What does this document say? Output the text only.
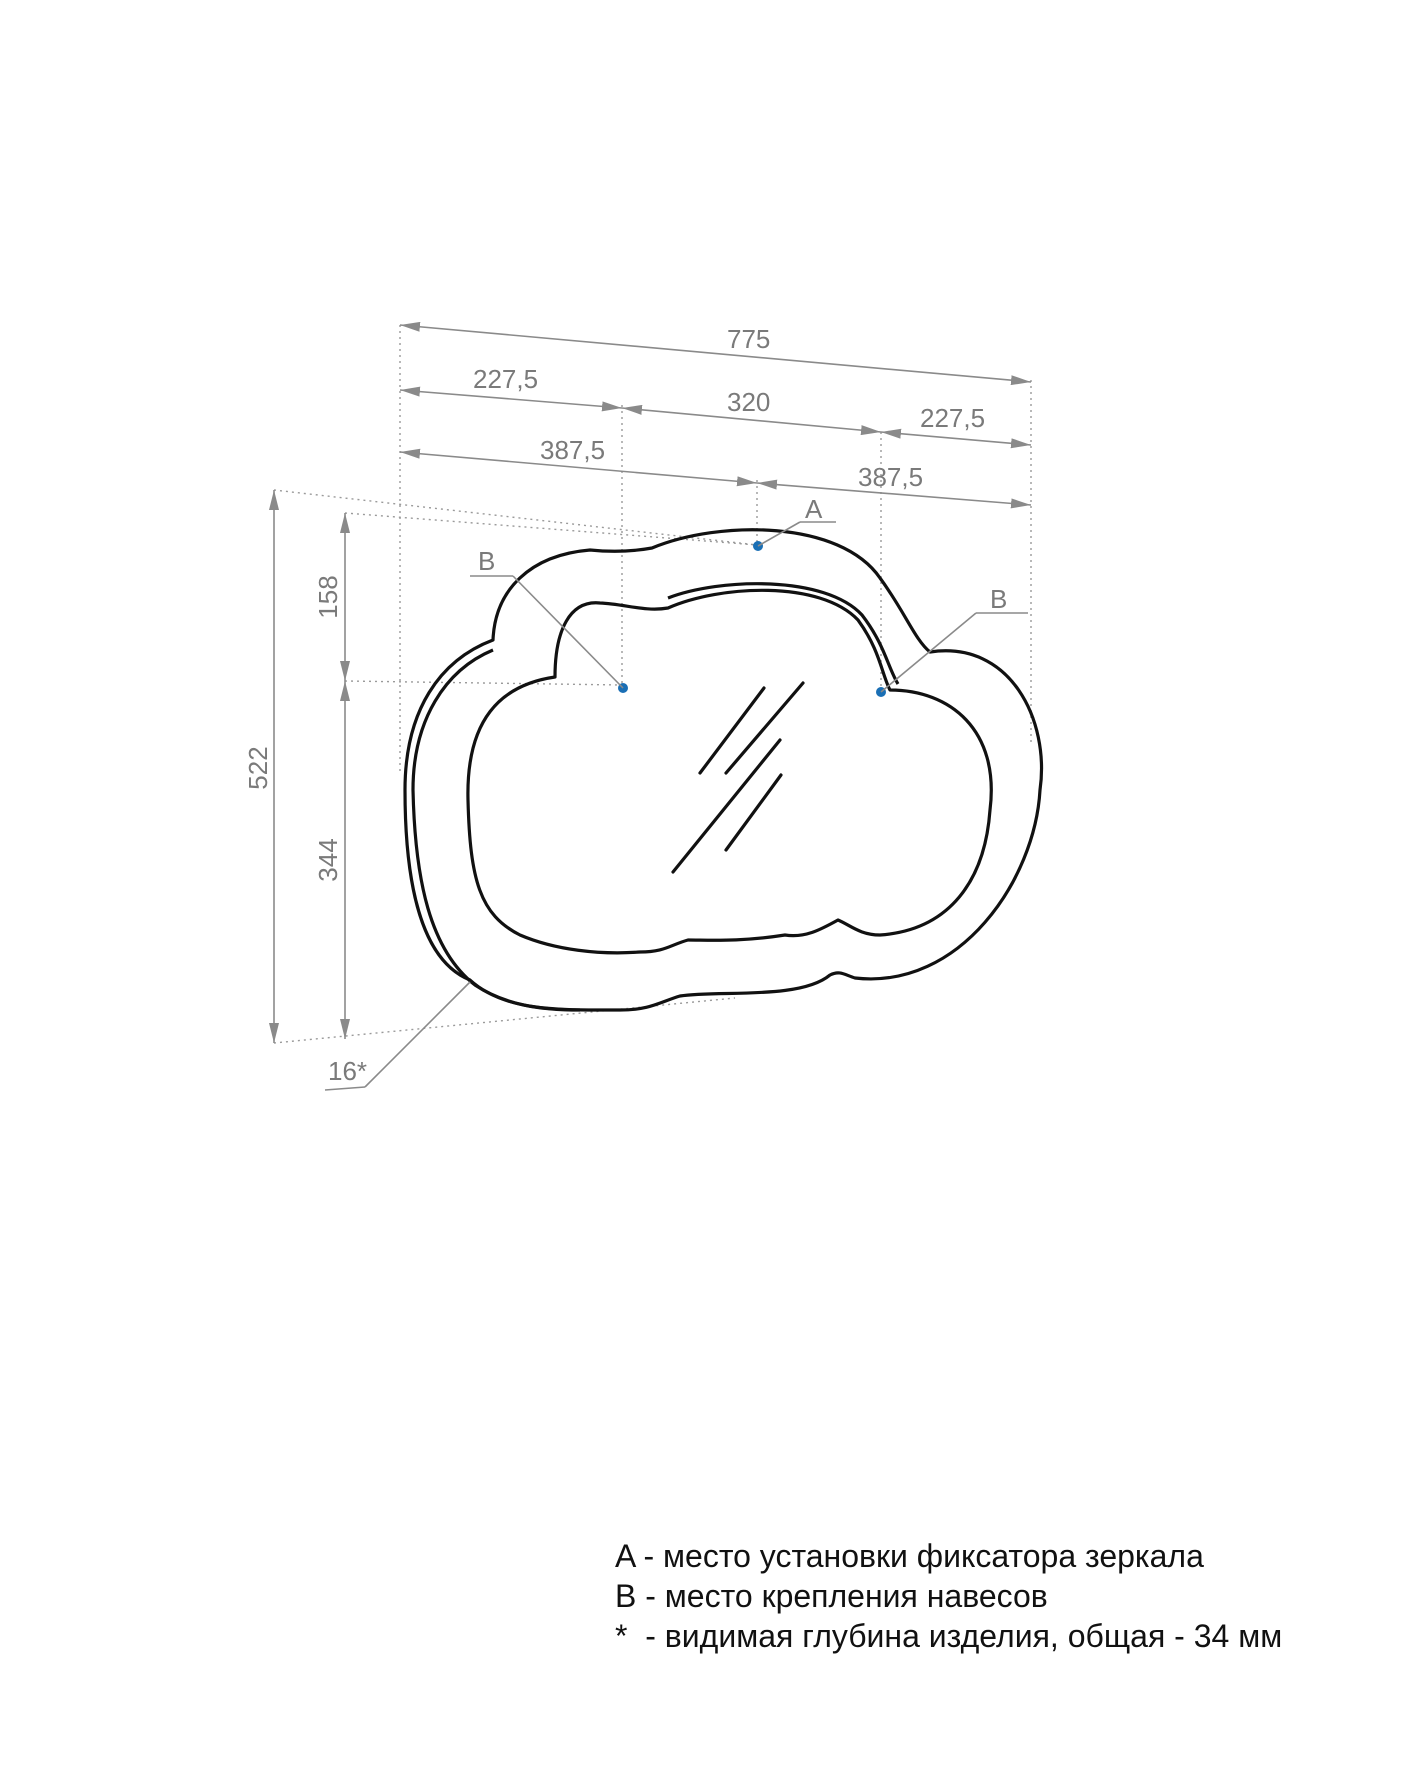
775
227,5
320
227,5
387,5
387,5
522
158
344
A
B
B
16*
A - место установки фиксатора зеркала
B - место крепления навесов
*  - видимая глубина изделия, общая - 34 мм
